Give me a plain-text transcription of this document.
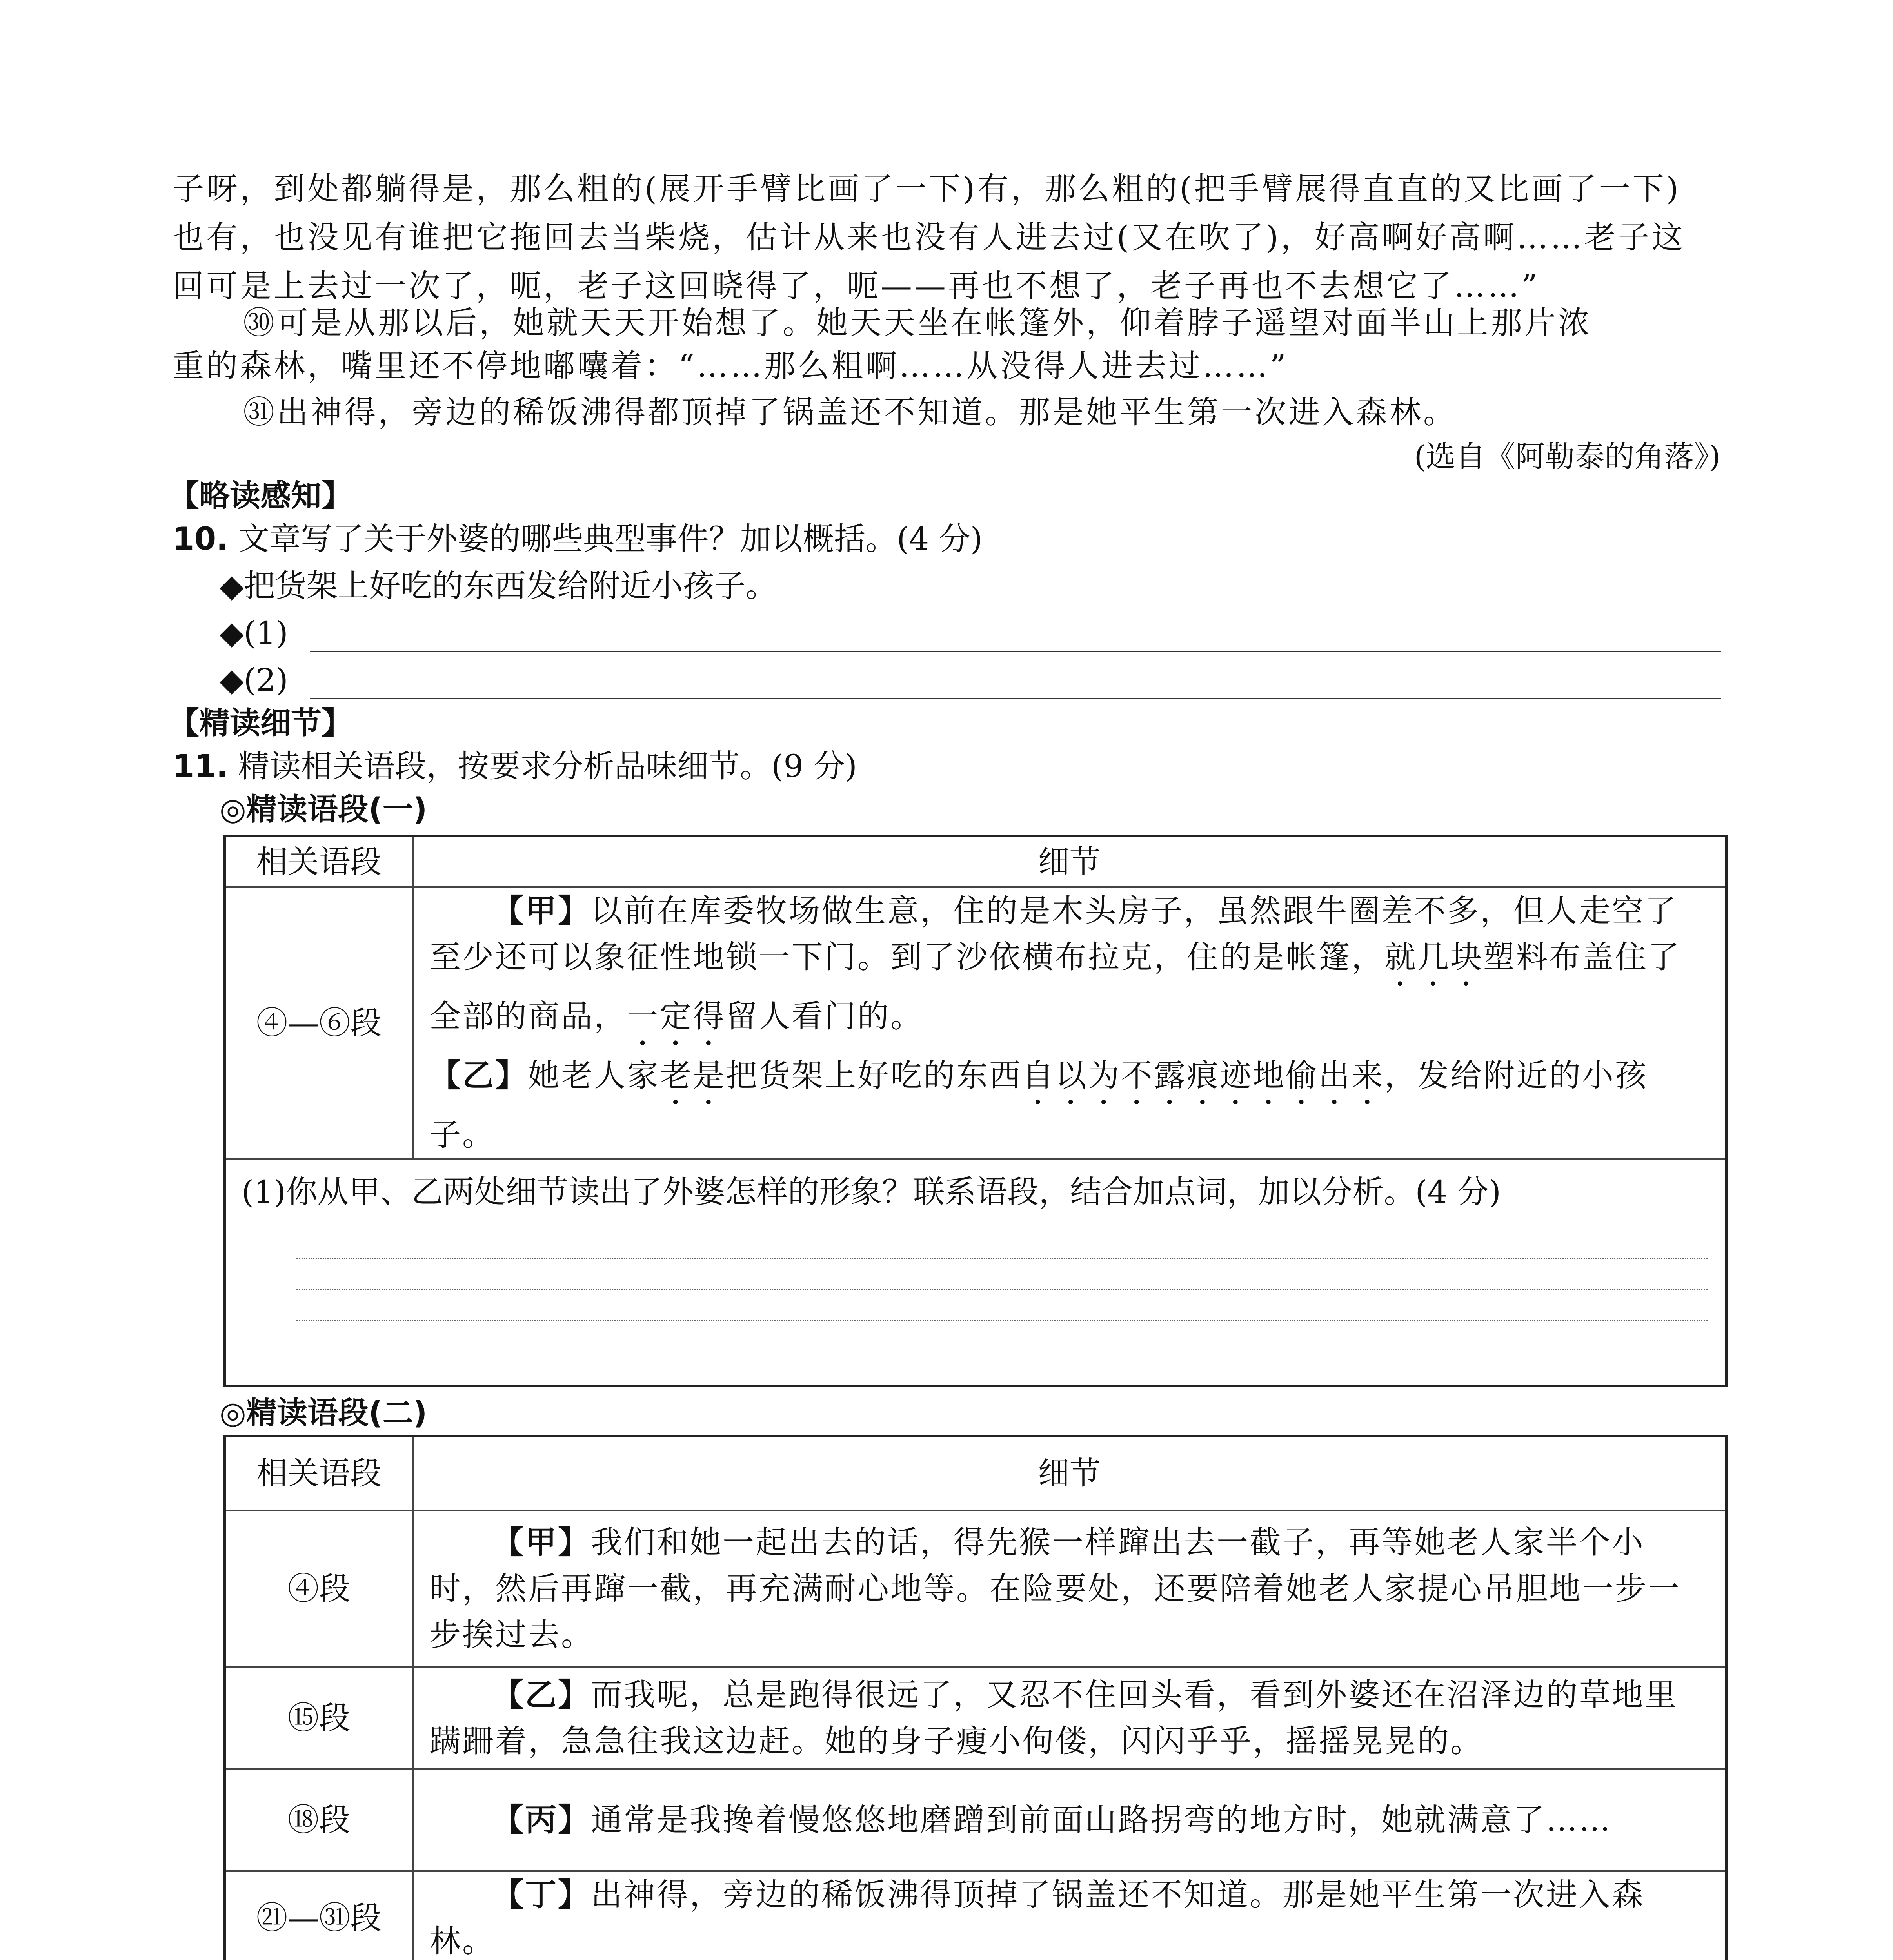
子呀，到处都躺得是，那么粗的(展开手臂比画了一下)有，那么粗的(把手臂展得直直的又比画了一下)
也有，也没见有谁把它拖回去当柴烧，估计从来也没有人进去过(又在吹了)，好高啊好高啊……老子这
回可是上去过一次了，呃，老子这回晓得了，呃——再也不想了，老子再也不去想它了……”
㉚可是从那以后，她就天天开始想了。她天天坐在帐篷外，仰着脖子遥望对面半山上那片浓
重的森林，嘴里还不停地嘟囔着：“……那么粗啊……从没得人进去过……”
㉛出神得，旁边的稀饭沸得都顶掉了锅盖还不知道。那是她平生第一次进入森林。
(选自《阿勒泰的角落》)
【略读感知】
10. 文章写了关于外婆的哪些典型事件？加以概括。(4 分)
◆把货架上好吃的东西发给附近小孩子。
◆(1)
◆(2)
【精读细节】
11. 精读相关语段，按要求分析品味细节。(9 分)
◎精读语段(一)
相关语段	细节
④—⑥段	【甲】以前在库委牧场做生意，住的是木头房子，虽然跟牛圈差不多，但人走空了至少还可以象征性地锁一下门。到了沙依横布拉克，住的是帐篷，就几块塑料布盖住了全部的商品，一定得留人看门的。
【乙】她老人家老是把货架上好吃的东西自以为不露痕迹地偷出来，发给附近的小孩子。

(1)你从甲、乙两处细节读出了外婆怎样的形象？联系语段，结合加点词，加以分析。(4 分)	
◎精读语段(二)
相关语段	细节
④段	【甲】我们和她一起出去的话，得先猴一样蹿出去一截子，再等她老人家半个小时，然后再蹿一截，再充满耐心地等。在险要处，还要陪着她老人家提心吊胆地一步一步挨过去。
⑮段	【乙】而我呢，总是跑得很远了，又忍不住回头看，看到外婆还在沼泽边的草地里蹒跚着，急急往我这边赶。她的身子瘦小佝偻，闪闪乎乎，摇摇晃晃的。
⑱段	【丙】通常是我搀着慢悠悠地磨蹭到前面山路拐弯的地方时，她就满意了……
㉑—㉛段	【丁】出神得，旁边的稀饭沸得顶掉了锅盖还不知道。那是她平生第一次进入森林。
